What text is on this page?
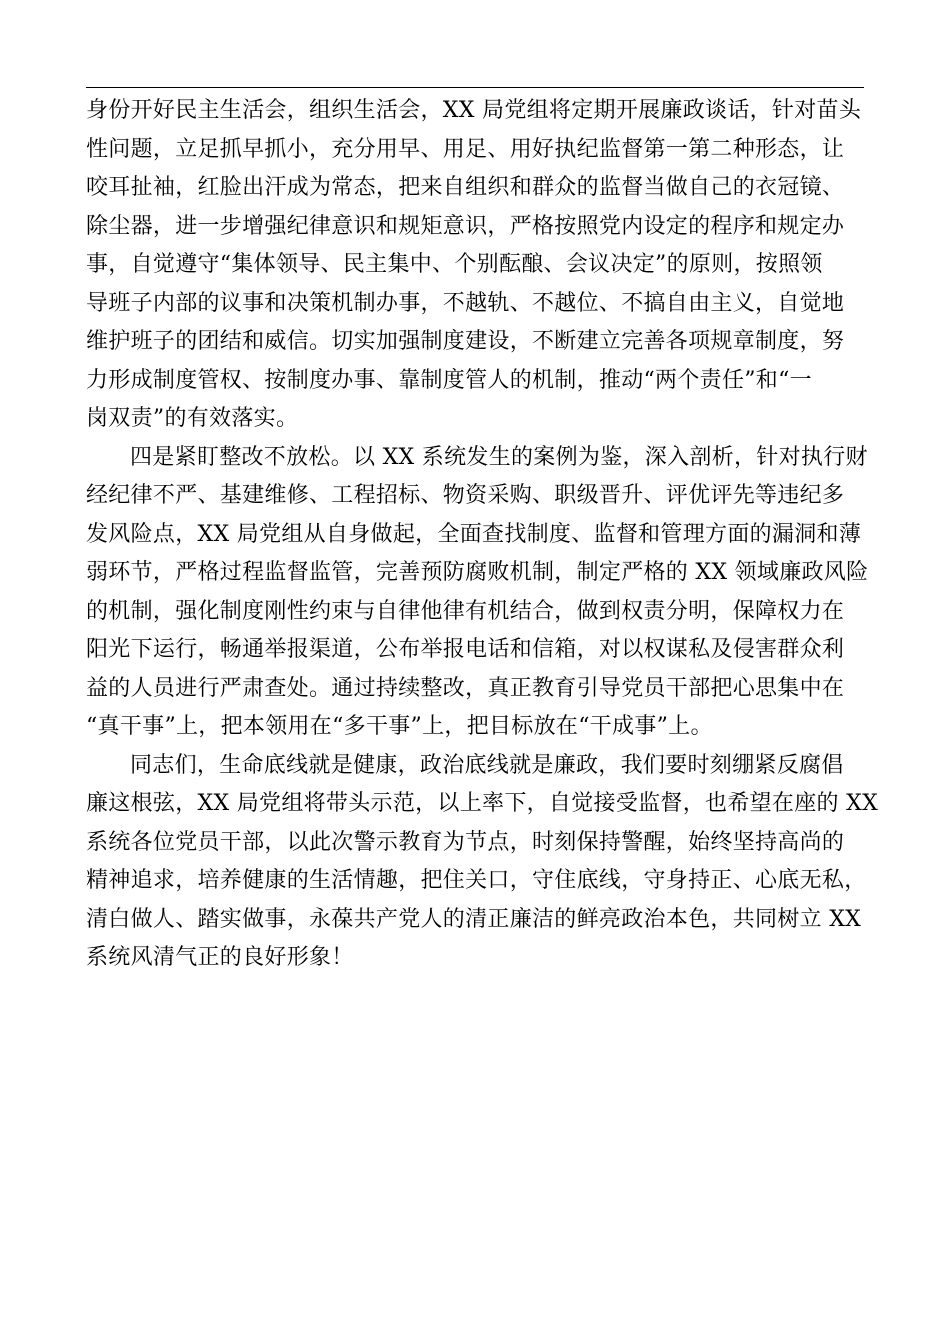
身份开好民主生活会，组织生活会，XX 局党组将定期开展廉政谈话，针对苗头
性问题，立足抓早抓小，充分用早、用足、用好执纪监督第一第二种形态，让
咬耳扯袖，红脸出汗成为常态，把来自组织和群众的监督当做自己的衣冠镜、
除尘器，进一步增强纪律意识和规矩意识，严格按照党内设定的程序和规定办
事，自觉遵守“集体领导、民主集中、个别酝酿、会议决定”的原则，按照领
导班子内部的议事和决策机制办事，不越轨、不越位、不搞自由主义，自觉地
维护班子的团结和威信。切实加强制度建设，不断建立完善各项规章制度，努
力形成制度管权、按制度办事、靠制度管人的机制，推动“两个责任”和“一
岗双责”的有效落实。
四是紧盯整改不放松。以 XX 系统发生的案例为鉴，深入剖析，针对执行财
经纪律不严、基建维修、工程招标、物资采购、职级晋升、评优评先等违纪多
发风险点，XX 局党组从自身做起，全面查找制度、监督和管理方面的漏洞和薄
弱环节，严格过程监督监管，完善预防腐败机制，制定严格的 XX 领域廉政风险
的机制，强化制度刚性约束与自律他律有机结合，做到权责分明，保障权力在
阳光下运行，畅通举报渠道，公布举报电话和信箱，对以权谋私及侵害群众利
益的人员进行严肃查处。通过持续整改，真正教育引导党员干部把心思集中在
“真干事”上，把本领用在“多干事”上，把目标放在“干成事”上。
同志们，生命底线就是健康，政治底线就是廉政，我们要时刻绷紧反腐倡
廉这根弦，XX 局党组将带头示范，以上率下，自觉接受监督，也希望在座的 XX
系统各位党员干部，以此次警示教育为节点，时刻保持警醒，始终坚持高尚的
精神追求，培养健康的生活情趣，把住关口，守住底线，守身持正、心底无私，
清白做人、踏实做事，永葆共产党人的清正廉洁的鲜亮政治本色，共同树立 XX
系统风清气正的良好形象！
